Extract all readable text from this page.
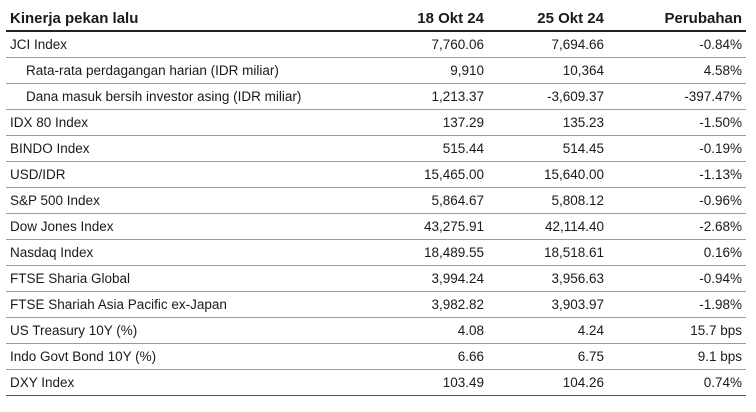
Kinerja pekan lalu	18 Okt 24	25 Okt 24	Perubahan
JCI Index	7,760.06	7,694.66	-0.84%
Rata-rata perdagangan harian (IDR miliar)	9,910	10,364	4.58%
Dana masuk bersih investor asing (IDR miliar)	1,213.37	-3,609.37	-397.47%
IDX 80 Index	137.29	135.23	-1.50%
BINDO Index	515.44	514.45	-0.19%
USD/IDR	15,465.00	15,640.00	-1.13%
S&P 500 Index	5,864.67	5,808.12	-0.96%
Dow Jones Index	43,275.91	42,114.40	-2.68%
Nasdaq Index	18,489.55	18,518.61	0.16%
FTSE Sharia Global	3,994.24	3,956.63	-0.94%
FTSE Shariah Asia Pacific ex-Japan	3,982.82	3,903.97	-1.98%
US Treasury 10Y (%)	4.08	4.24	15.7 bps
Indo Govt Bond 10Y (%)	6.66	6.75	9.1 bps
DXY Index	103.49	104.26	0.74%
